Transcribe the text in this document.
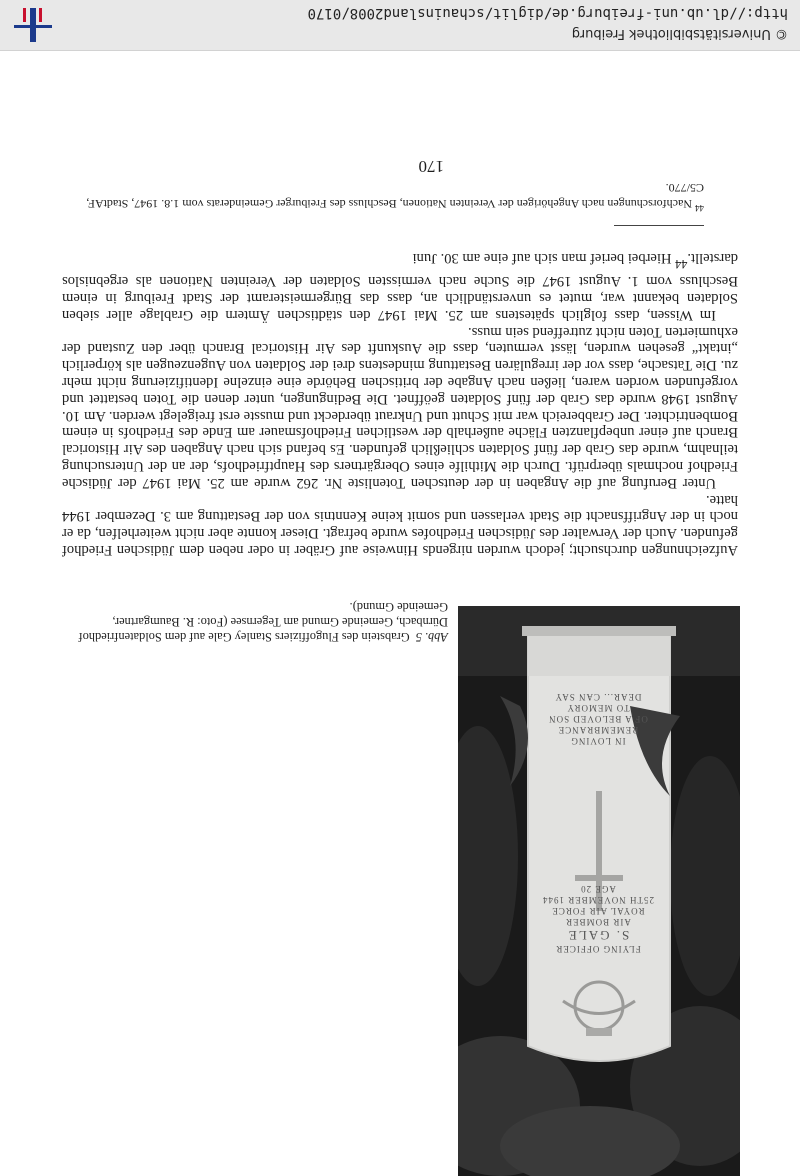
FLYING OFFICER
S. GALE
AIR BOMBER
ROYAL AIR FORCE
25TH NOVEMBER 1944 AGE 20
IN LOVING REMEMBRANCE
OF A BELOVED SON
TO MEMORY
DEAR... CAN SAY
Abb. 5Grabstein des Flugoffiziers Stanley Gale auf dem Soldatenfriedhof Dürnbach, Gemeinde Gmund am Tegernsee (Foto: R. Baumgartner, Gemeinde Gmund).

Aufzeichnungen durchsucht; jedoch wurden nirgends Hinweise auf Gräber in oder neben dem Jüdischen Friedhof gefunden. Auch der Verwalter des Jüdischen Friedhofes wurde befragt. Dieser konnte aber nicht weiterhelfen, da er noch in der Angriffsnacht die Stadt verlassen und somit keine Kenntnis von der Bestattung am 3. Dezember 1944 hatte.

Unter Berufung auf die Angaben in der deutschen Totenliste Nr. 262 wurde am 25. Mai 1947 der Jüdische Friedhof nochmals überprüft. Durch die Mithilfe eines Obergärtners des Hauptfriedhofs, der an der Untersuchung teilnahm, wurde das Grab der fünf Soldaten schließlich gefunden. Es befand sich nach Angaben des Air Historical Branch auf einer unbepflanzten Fläche außerhalb der westlichen Friedhofsmauer am Ende des Friedhofs in einem Bombentrichter. Der Grabbereich war mit Schutt und Unkraut überdeckt und musste erst freigelegt werden. Am 10. August 1948 wurde das Grab der fünf Soldaten geöffnet. Die Bedingungen, unter denen die Toten bestattet und vorgefunden worden waren, ließen nach Angabe der britischen Behörde eine einzelne Identifizierung nicht mehr zu. Die Tatsache, dass vor der irregulären Bestattung mindestens drei der Soldaten von Augenzeugen als körperlich „intakt“ gesehen wurden, lässt vermuten, dass die Auskunft des Air Historical Branch über den Zustand der exhumierten Toten nicht zutreffend sein muss.

Im Wissen, dass folglich spätestens am 25. Mai 1947 den städtischen Ämtern die Grablage aller sieben Soldaten bekannt war, mutet es unverständlich an, dass das Bürgermeisteramt der Stadt Freiburg in einem Beschluss vom 1. August 1947 die Suche nach vermissten Soldaten der Vereinten Nationen als ergebnislos darstellt.$^{44}$ Hierbei berief man sich auf eine am 30. Juni

$^{44}$Nachforschungen nach Angehörigen der Vereinten Nationen, Beschluss des Freiburger Gemeinderats vom 1.8. 1947, StadtAF, C5/770.

170
© Universitätsbibliothek Freiburg
http://dl.ub.uni-freiburg.de/diglit/schauinsland2008/0170
